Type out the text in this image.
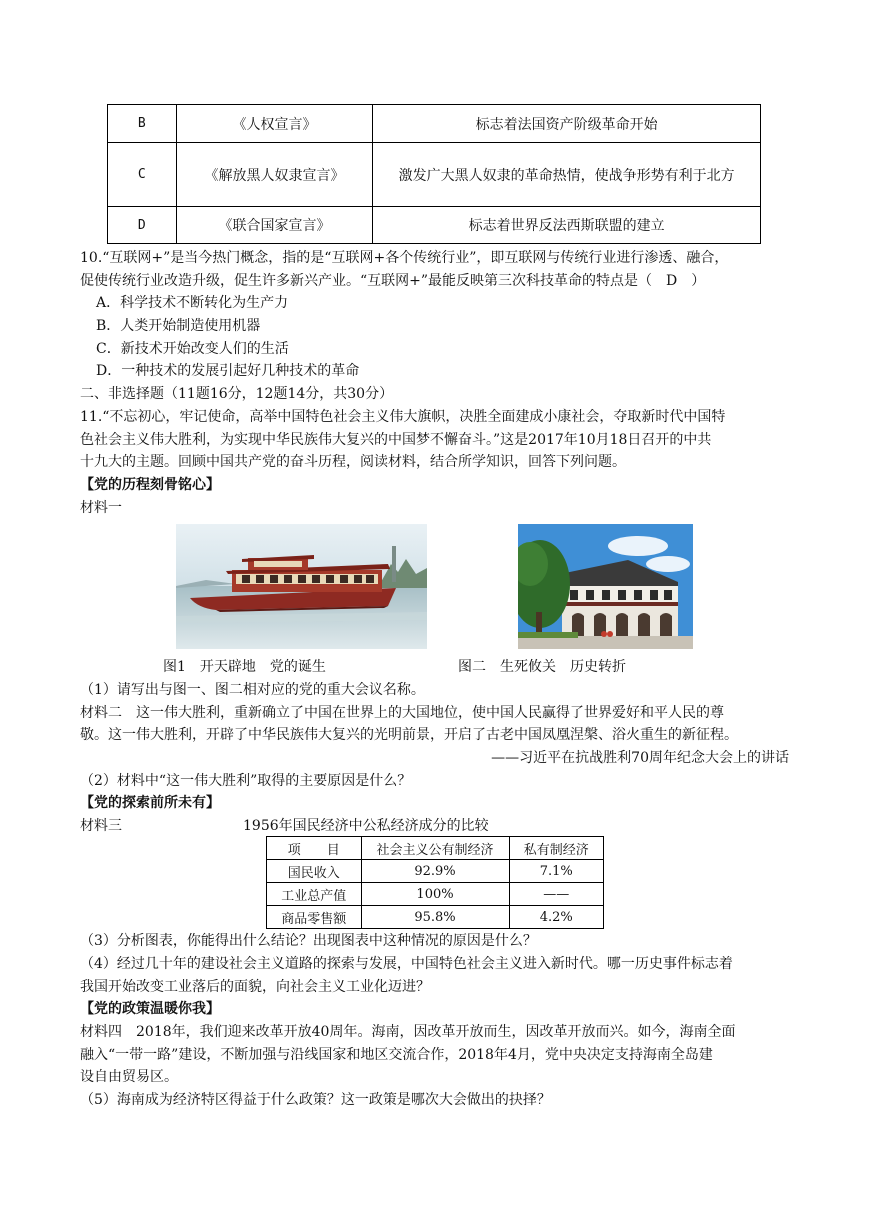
B	《人权宣言》	标志着法国资产阶级革命开始
C	《解放黑人奴隶宣言》	激发广大黑人奴隶的革命热情，使战争形势有利于北方
D	《联合国家宣言》	标志着世界反法西斯联盟的建立
10.“互联网+”是当今热门概念，指的是“互联网+各个传统行业”，即互联网与传统行业进行渗透、融合，
促使传统行业改造升级，促生许多新兴产业。“互联网+”最能反映第三次科技革命的特点是（　D　）
A．科学技术不断转化为生产力
B．人类开始制造使用机器
C．新技术开始改变人们的生活
D．一种技术的发展引起好几种技术的革命
二、非选择题（11题16分，12题14分，共30分）
11.“不忘初心，牢记使命，高举中国特色社会主义伟大旗帜，决胜全面建成小康社会，夺取新时代中国特
色社会主义伟大胜利，为实现中华民族伟大复兴的中国梦不懈奋斗。”这是2017年10月18日召开的中共
十九大的主题。回顾中国共产党的奋斗历程，阅读材料，结合所学知识，回答下列问题。
【党的历程刻骨铭心】
材料一
图1　开天辟地　党的诞生	图二　生死攸关　历史转折
（1）请写出与图一、图二相对应的党的重大会议名称。
材料二　这一伟大胜利，重新确立了中国在世界上的大国地位，使中国人民赢得了世界爱好和平人民的尊
敬。这一伟大胜利，开辟了中华民族伟大复兴的光明前景，开启了古老中国凤凰涅槃、浴火重生的新征程。
——习近平在抗战胜利70周年纪念大会上的讲话
（2）材料中“这一伟大胜利”取得的主要原因是什么？
【党的探索前所未有】
材料三	1956年国民经济中公私经济成分的比较
项　　目	社会主义公有制经济	私有制经济
国民收入	92.9%	7.1%
工业总产值	100%	——
商品零售额	95.8%	4.2%
（3）分析图表，你能得出什么结论？出现图表中这种情况的原因是什么？
（4）经过几十年的建设社会主义道路的探索与发展，中国特色社会主义进入新时代。哪一历史事件标志着
我国开始改变工业落后的面貌，向社会主义工业化迈进？
【党的政策温暖你我】
材料四　2018年，我们迎来改革开放40周年。海南，因改革开放而生，因改革开放而兴。如今，海南全面
融入“一带一路”建设，不断加强与沿线国家和地区交流合作，2018年4月，党中央决定支持海南全岛建
设自由贸易区。
（5）海南成为经济特区得益于什么政策？这一政策是哪次大会做出的抉择？
